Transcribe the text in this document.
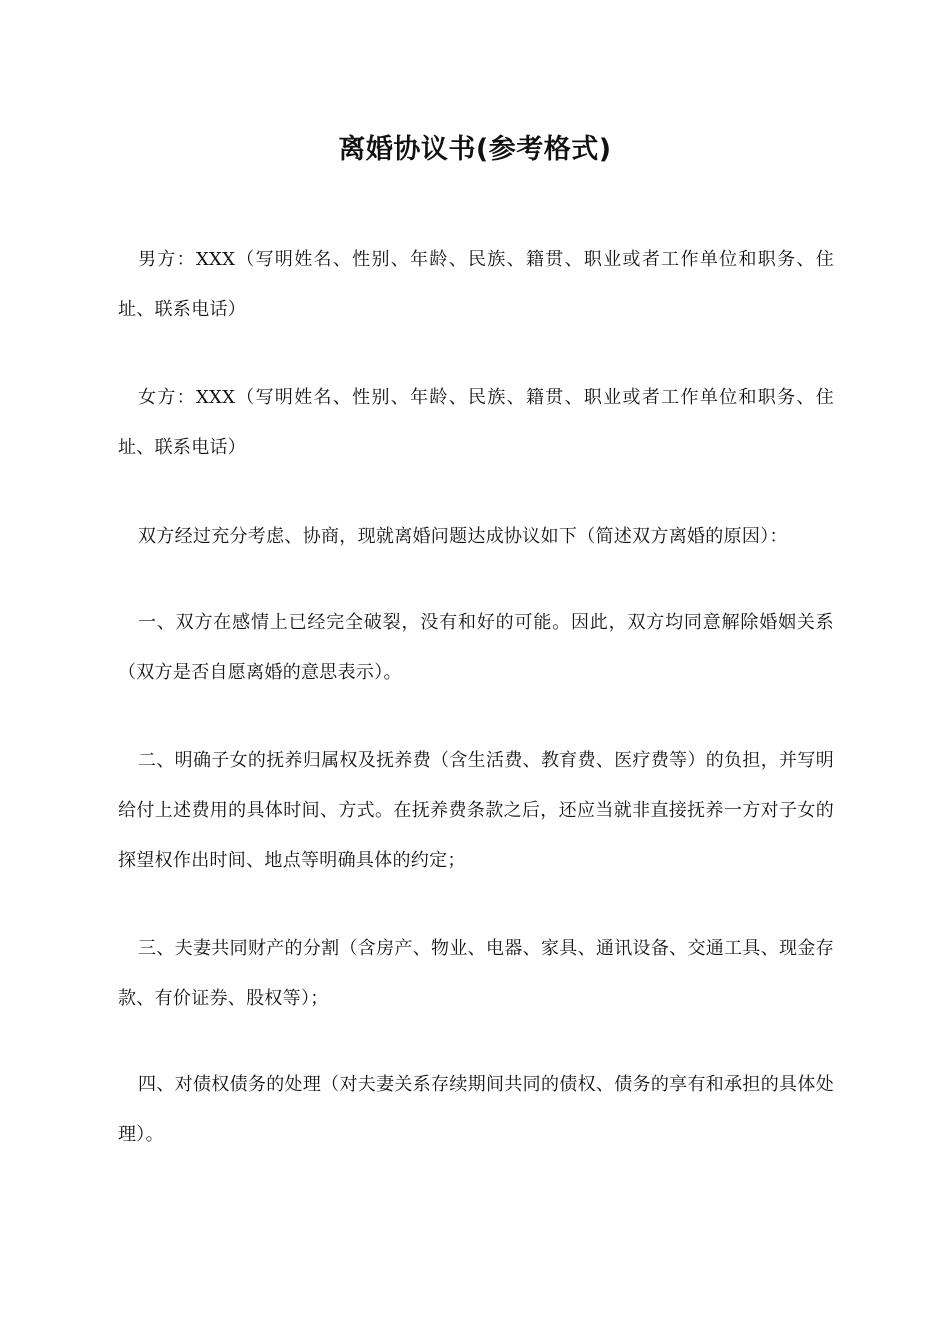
离婚协议书(参考格式)

男方：XXX（写明姓名、性别、年龄、民族、籍贯、职业或者工作单位和职务、住址、联系电话）

女方：XXX（写明姓名、性别、年龄、民族、籍贯、职业或者工作单位和职务、住址、联系电话）

双方经过充分考虑、协商，现就离婚问题达成协议如下（简述双方离婚的原因）：

一、双方在感情上已经完全破裂，没有和好的可能。因此，双方均同意解除婚姻关系（双方是否自愿离婚的意思表示）。

二、明确子女的抚养归属权及抚养费（含生活费、教育费、医疗费等）的负担，并写明给付上述费用的具体时间、方式。在抚养费条款之后，还应当就非直接抚养一方对子女的探望权作出时间、地点等明确具体的约定；

三、夫妻共同财产的分割（含房产、物业、电器、家具、通讯设备、交通工具、现金存款、有价证券、股权等）；

四、对债权债务的处理（对夫妻关系存续期间共同的债权、债务的享有和承担的具体处理）。
